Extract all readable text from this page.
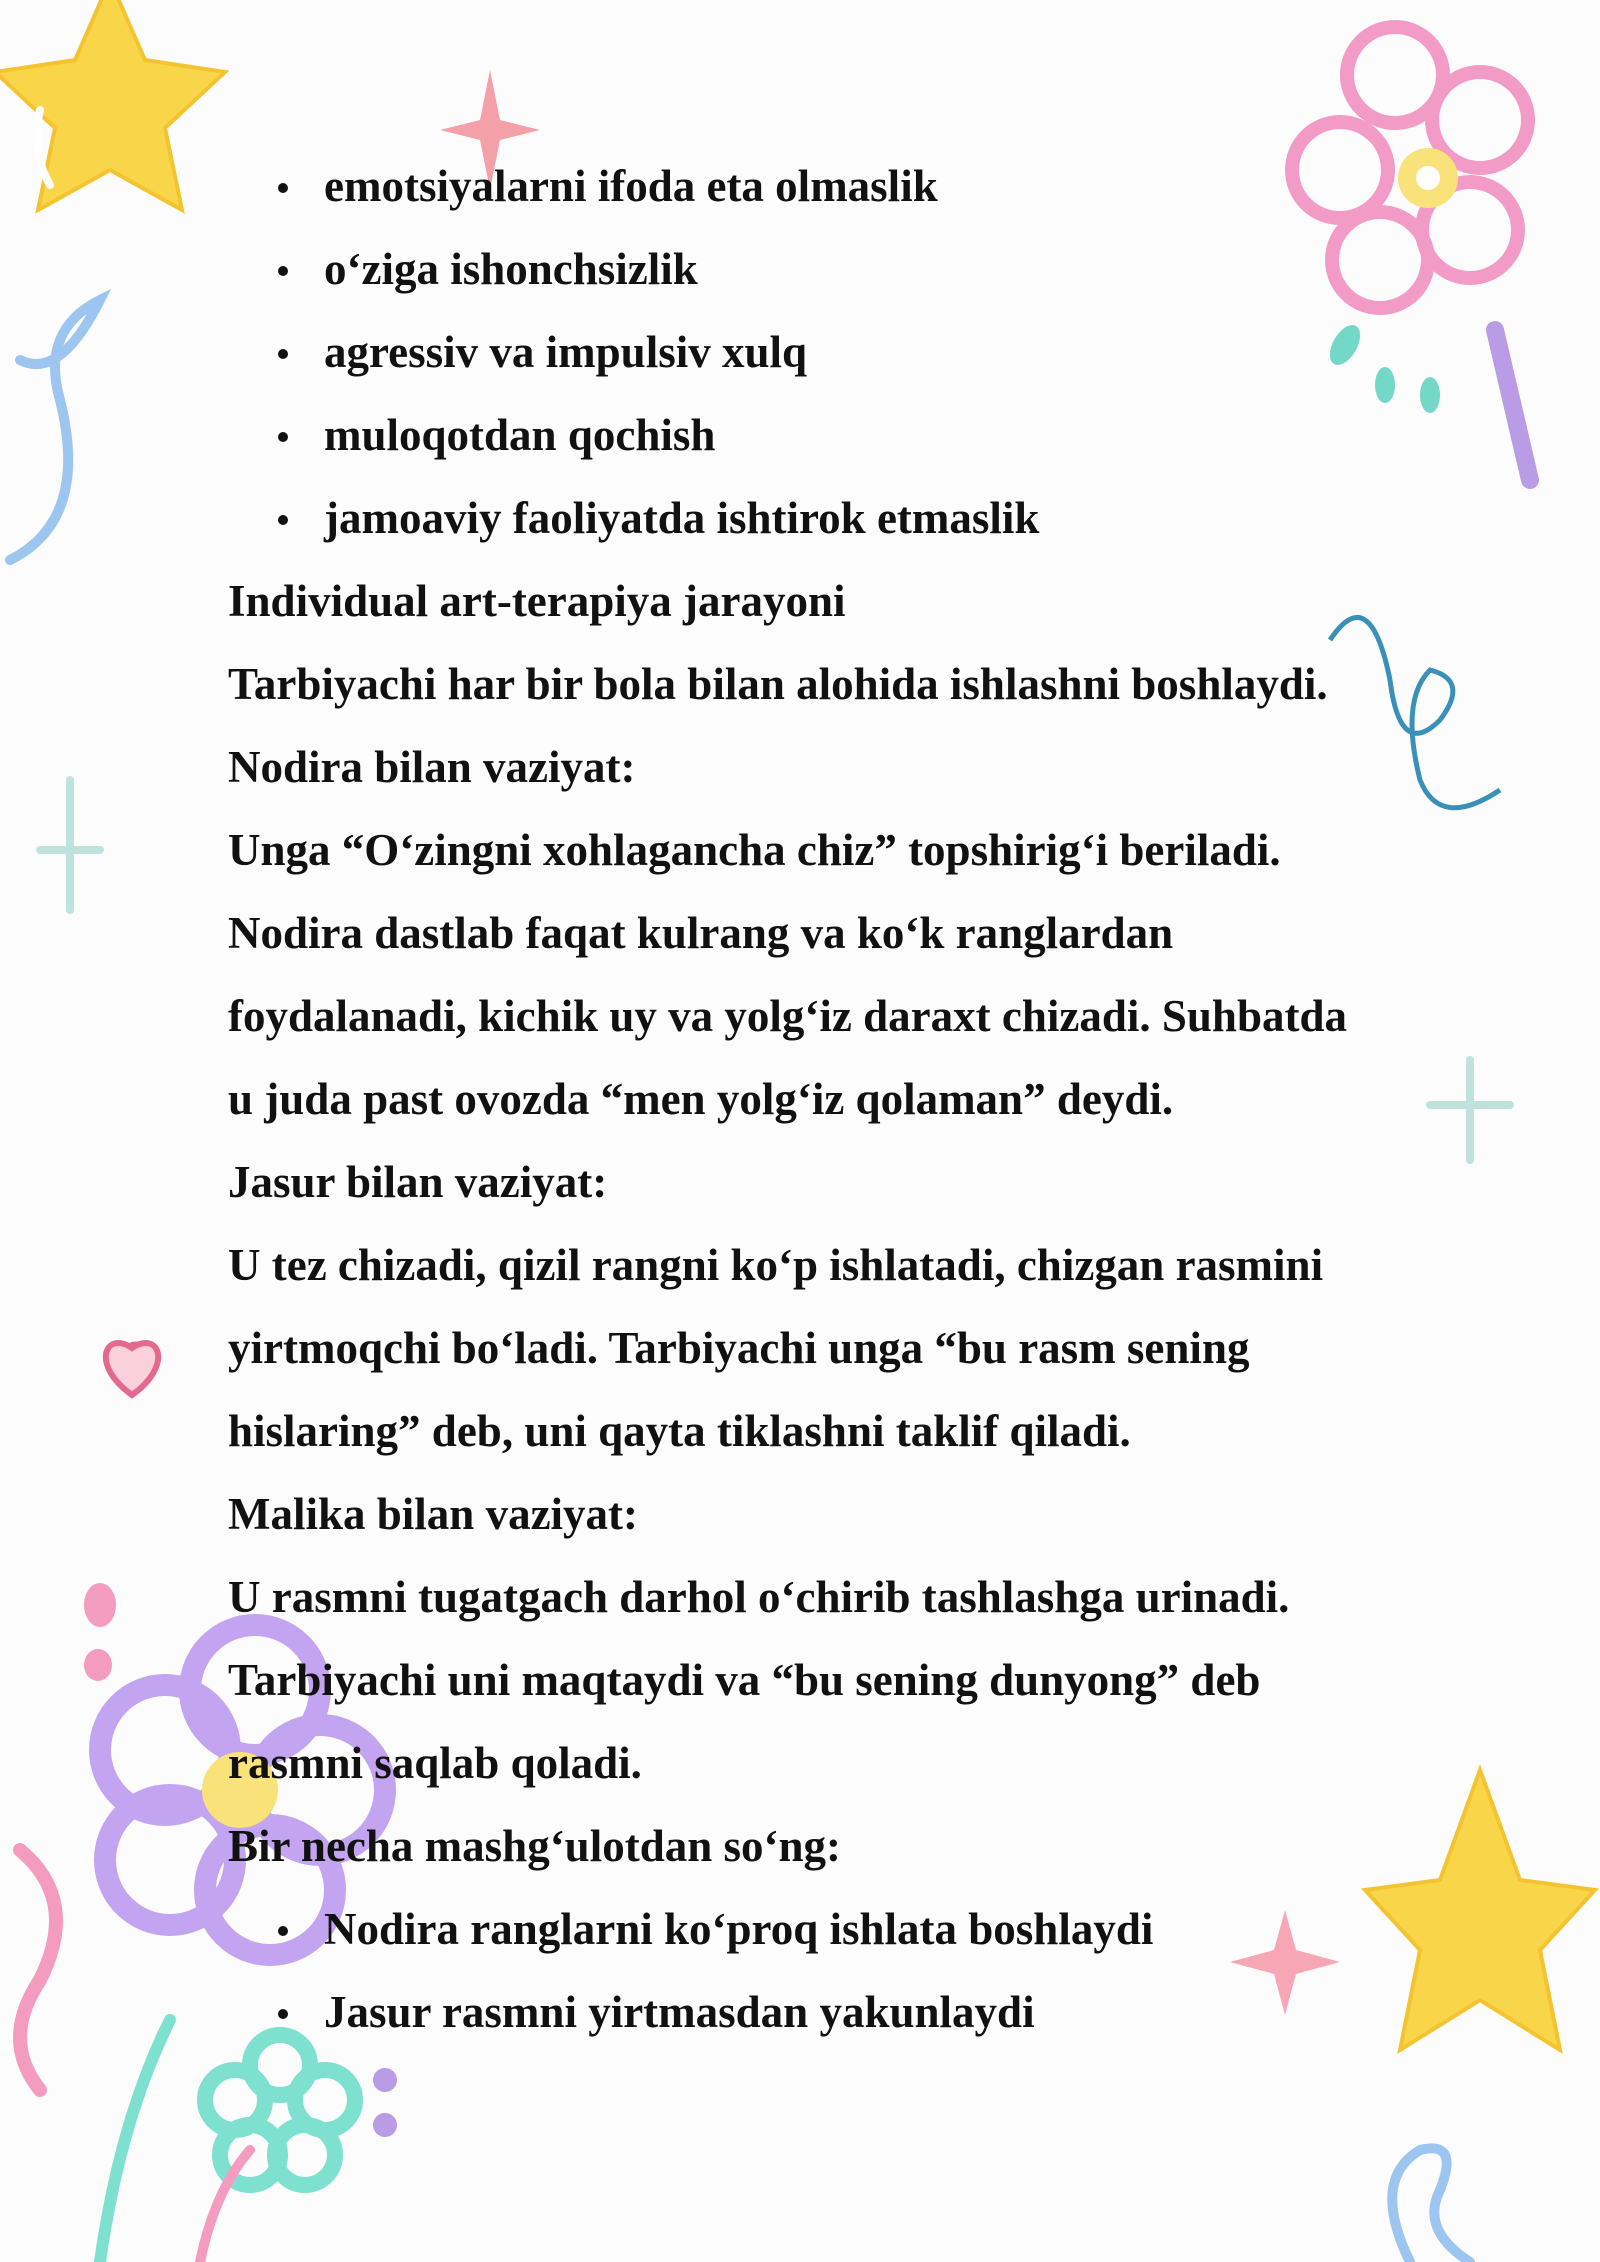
emotsiyalarni ifoda eta olmaslik
o‘ziga ishonchsizlik
agressiv va impulsiv xulq
muloqotdan qochish
jamoaviy faoliyatda ishtirok etmaslik

Individual art-terapiya jarayoni

Tarbiyachi har bir bola bilan alohida ishlashni boshlaydi.

Nodira bilan vaziyat:

Unga “O‘zingni xohlagancha chiz” topshirig‘i beriladi.

Nodira dastlab faqat kulrang va ko‘k ranglardan

foydalanadi, kichik uy va yolg‘iz daraxt chizadi. Suhbatda

u juda past ovozda “men yolg‘iz qolaman” deydi.

Jasur bilan vaziyat:

U tez chizadi, qizil rangni ko‘p ishlatadi, chizgan rasmini

yirtmoqchi bo‘ladi. Tarbiyachi unga “bu rasm sening

hislaring” deb, uni qayta tiklashni taklif qiladi.

Malika bilan vaziyat:

U rasmni tugatgach darhol o‘chirib tashlashga urinadi.

Tarbiyachi uni maqtaydi va “bu sening dunyong” deb

rasmni saqlab qoladi.

Bir necha mashg‘ulotdan so‘ng:

Nodira ranglarni ko‘proq ishlata boshlaydi
Jasur rasmni yirtmasdan yakunlaydi
